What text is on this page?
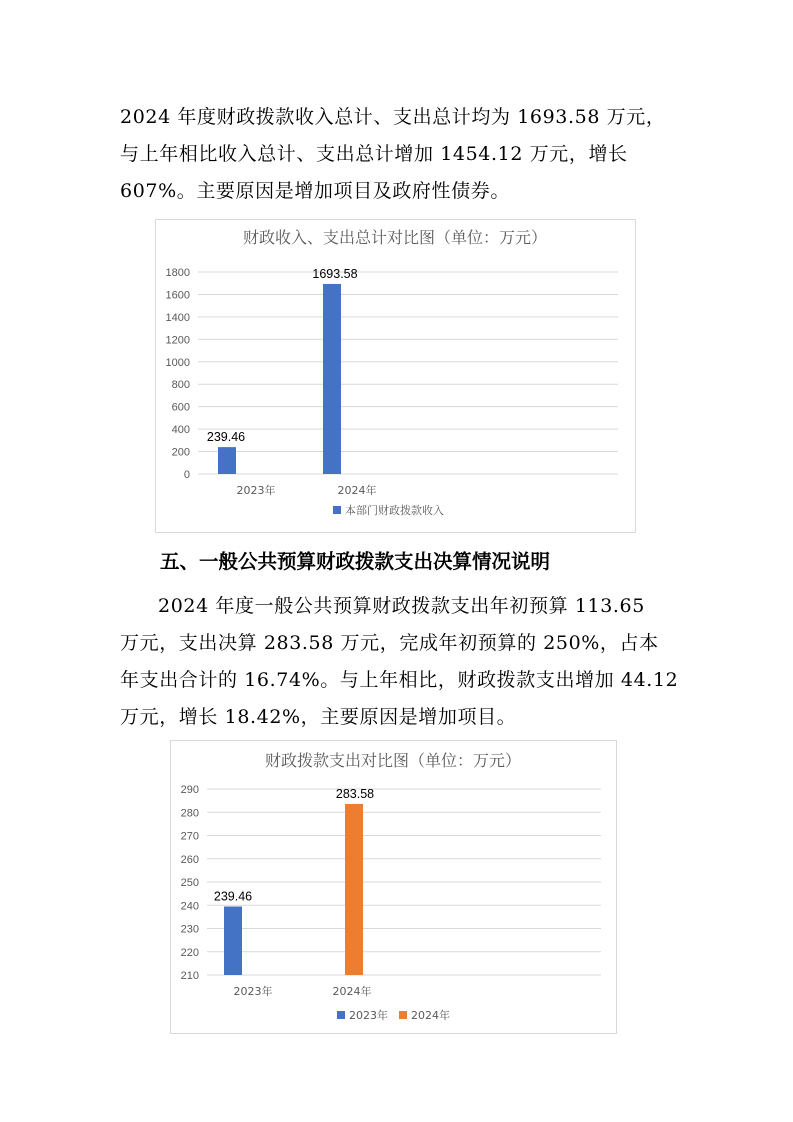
2024 年度财政拨款收入总计、支出总计均为 1693.58 万元，
与上年相比收入总计、支出总计增加 1454.12 万元，增长
607%。主要原因是增加项目及政府性债券。

财政收入、支出总计对比图（单位：万元）
0
200
400
600
800
1000
1200
1400
1600
1800
2023年
239.46
2024年
1693.58
本部门财政拨款收入
五、一般公共预算财政拨款支出决算情况说明

2024 年度一般公共预算财政拨款支出年初预算 113.65
万元，支出决算 283.58 万元，完成年初预算的 250%，占本
年支出合计的 16.74%。与上年相比，财政拨款支出增加 44.12
万元，增长 18.42%，主要原因是增加项目。

财政拨款支出对比图（单位：万元）
210
220
230
240
250
260
270
280
290
2023年
239.46
2024年
283.58
2023年 2024年
